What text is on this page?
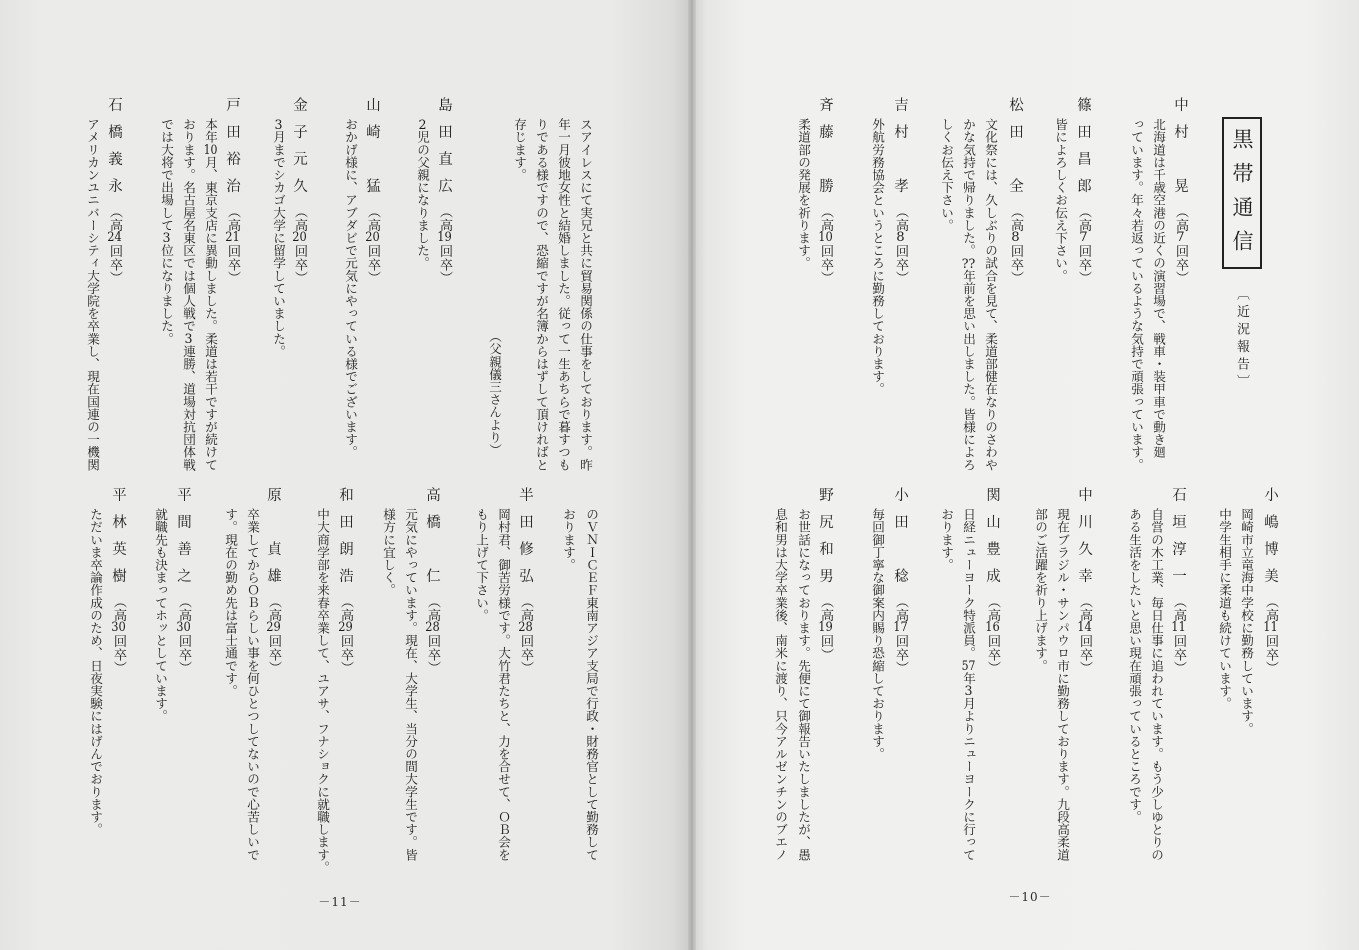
黒帯通信
〔近況報告〕
中村　晃（高7回卒）
北海道は千歳空港の近くの演習場で、戦車・装甲車で動き廻
っています。年々若返っているような気持で頑張っています。
篠田昌郎（高7回卒）
皆によろしくお伝え下さい。
松田　全（高8回卒）
文化祭には、久しぶりの試合を見て、柔道部健在なりのさわや
かな気持で帰りました。??年前を思い出しました。皆様によろ
しくお伝え下さい。
吉村　孝（高8回卒）
外航労務協会というところに勤務しております。
斉藤　勝（高10回卒）
柔道部の発展を祈ります。
小嶋博美（高11回卒）
岡崎市立竜海中学校に勤務しています。
中学生相手に柔道も続けています。
石垣淳一（高11回卒）
自営の木工業、毎日仕事に追われています。もう少しゆとりの
ある生活をしたいと思い現在頑張っているところです。
中川久幸（高14回卒）
現在ブラジル・サンパウロ市に勤務しております。九段高柔道
部のご活躍を祈り上げます。
関山豊成（高16回卒）
日経ニューヨーク特派員。57年3月よりニューヨークに行って
おります。
小田　稔（高17回卒）
毎回御丁寧な御案内賜り恐縮しております。
野尻和男（高19回）
お世話になっております。先便にて御報告いたしましたが、愚
息和男は大学卒業後、南米に渡り、只今アルゼンチンのブエノ
－10－
スアイレスにて実兄と共に貿易関係の仕事をしております。昨
年一月彼地女性と結婚しました。従って一生あちらで暮すつも
りである様ですので、恐縮ですが名簿からはずして頂ければと
存じます。
（父親儀三さんより）
島田直広（高19回卒）
2児の父親になりました。
山崎　猛（高20回卒）
おかげ様に、アブダビで元気にやっている様でございます。
金子元久（高20回卒）
3月までシカゴ大学に留学していました。
戸田裕治（高21回卒）
本年10月、東京支店に異動しました。柔道は若干ですが続けて
おります。名古屋名東区では個人戦で3連勝、道場対抗団体戦
では大将で出場して3位になりました。
石橋義永（高24回卒）
アメリカンユニバーシティ大学院を卒業し、現在国連の一機関
のＶＮＩＣＥＦ東南アジア支局で行政・財務官として勤務して
おります。
半田修弘（高28回卒）
岡村君、御苦労様です。大竹君たちと、力を合せて、ＯＢ会を
もり上げて下さい。
高橋　仁（高28回卒）
元気にやっています。現在、大学生、当分の間大学生です。皆
様方に宜しく。
和田朗浩（高29回卒）
中大商学部を来春卒業して、ユアサ、フナショクに就職します。
原　貞雄（高29回卒）
卒業してからＯＢらしい事を何ひとつしてないので心苦しいで
す。現在の勤め先は富士通です。
平間善之（高30回卒）
就職先も決まってホッとしています。
平林英樹（高30回卒）
ただいま卒論作成のため、日夜実験にはげんでおります。
－11－
